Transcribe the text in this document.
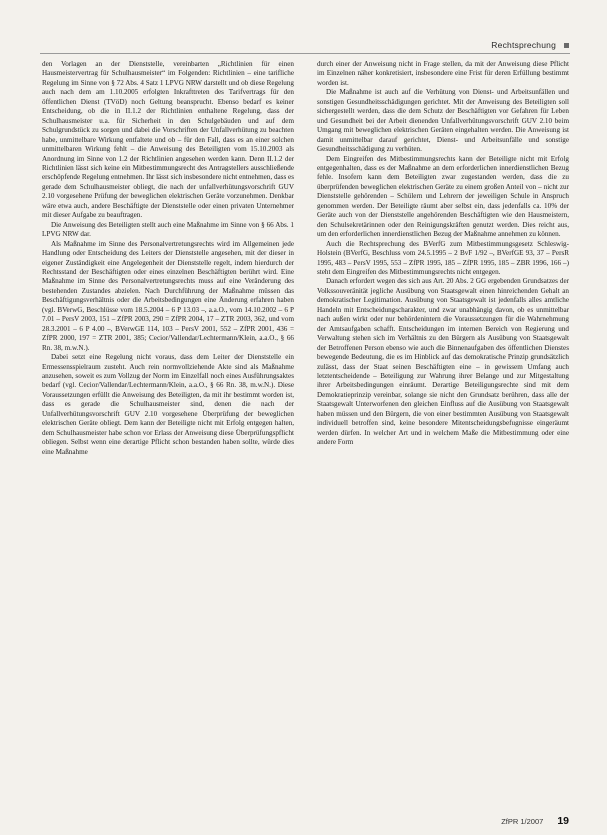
Rechtsprechung

den Vorlagen an der Dienststelle, vereinbarten „Richtlinien für einen Hausmeistervertrag für Schulhausmeister“ im Folgenden: Richtlinien – eine tarifliche Regelung im Sinne von § 72 Abs. 4 Satz 1 LPVG NRW darstellt und ob diese Regelung auch nach dem am 1.10.2005 erfolgten Inkrafttreten des Tarifvertrags für den öffentlichen Dienst (TVöD) noch Geltung beansprucht. Ebenso bedarf es keiner Entscheidung, ob die in II.1.2 der Richtlinien enthaltene Regelung, dass der Schulhausmeister u.a. für Sicherheit in den Schulgebäuden und auf dem Schulgrundstück zu sorgen und dabei die Vorschriften der Unfallverhütung zu beachten habe, unmittelbare Wirkung entfaltete und ob – für den Fall, dass es an einer solchen unmittelbaren Wirkung fehlt – die Anweisung des Beteiligten vom 15.10.2003 als Anordnung im Sinne von 1.2 der Richtlinien angesehen werden kann. Denn II.1.2 der Richtlinien lässt sich keine ein Mitbestimmungsrecht des Antragstellers ausschließende erschöpfende Regelung entnehmen. Ihr lässt sich insbesondere nicht entnehmen, dass es gerade dem Schulhausmeister obliegt, die nach der unfallverhütungsvorschrift GUV 2.10 vorgesehene Prüfung der beweglichen elektrischen Geräte vorzunehmen. Denkbar wäre etwa auch, andere Beschäftigte der Dienststelle oder einen privaten Unternehmer mit dieser Aufgabe zu beauftragen.

Die Anweisung des Beteiligten stellt auch eine Maßnahme im Sinne von § 66 Abs. 1 LPVG NRW dar.

Als Maßnahme im Sinne des Personalvertretungsrechts wird im Allgemeinen jede Handlung oder Entscheidung des Leiters der Dienststelle angesehen, mit der dieser in eigener Zuständigkeit eine Angelegenheit der Dienststelle regelt, indem hierdurch der Rechtsstand der Beschäftigten oder eines einzelnen Beschäftigten berührt wird. Eine Maßnahme im Sinne des Personalvertretungsrechts muss auf eine Veränderung des bestehenden Zustandes abzielen. Nach Durchführung der Maßnahme müssen das Beschäftigungsverhältnis oder die Arbeitsbedingungen eine Änderung erfahren haben (vgl. BVerwG, Beschlüsse vom 18.5.2004 – 6 P 13.03 –, a.a.O., vom 14.10.2002 – 6 P 7.01 – PersV 2003, 151 – ZfPR 2003, 290 = ZfPR 2004, 17 – ZTR 2003, 362, und vom 28.3.2001 – 6 P 4.00 –, BVerwGE 114, 103 – PersV 2001, 552 – ZfPR 2001, 436 = ZfPR 2000, 197 = ZTR 2001, 385; Cecior/Vallendar/Lechtermann/Klein, a.a.O., § 66 Rn. 38, m.w.N.).

Dabei setzt eine Regelung nicht voraus, dass dem Leiter der Dienststelle ein Ermessensspielraum zusteht. Auch rein normvollziehende Akte sind als Maßnahme anzusehen, soweit es zum Vollzug der Norm im Einzelfall noch eines Ausführungsaktes bedarf (vgl. Cecior/Vallendar/Lechtermann/Klein, a.a.O., § 66 Rn. 38, m.w.N.). Diese Voraussetzungen erfüllt die Anweisung des Beteiligten, da mit ihr bestimmt worden ist, dass es gerade die Schulhausmeister sind, denen die nach der Unfallverhütungsvorschrift GUV 2.10 vorgesehene Überprüfung der beweglichen elektrischen Geräte obliegt. Dem kann der Beteiligte nicht mit Erfolg entgegen halten, dem Schulhausmeister habe schon vor Erlass der Anweisung diese Überprüfungspflicht obliegen. Selbst wenn eine derartige Pflicht schon bestanden haben sollte, würde dies eine Maßnahme

durch einer der Anweisung nicht in Frage stellen, da mit der Anweisung diese Pflicht im Einzelnen näher konkretisiert, insbesondere eine Frist für deren Erfüllung bestimmt worden ist.

Die Maßnahme ist auch auf die Verhütung von Dienst- und Arbeitsunfällen und sonstigen Gesundheitsschädigungen gerichtet. Mit der Anweisung des Beteiligten soll sichergestellt werden, dass die dem Schutz der Beschäftigten vor Gefahren für Leben und Gesundheit bei der Arbeit dienenden Unfallverhütungsvorschrift GUV 2.10 beim Umgang mit beweglichen elektrischen Geräten eingehalten werden. Die Anweisung ist damit unmittelbar darauf gerichtet, Dienst- und Arbeitsunfälle und sonstige Gesundheitsschädigung zu verhüten.

Dem Eingreifen des Mitbestimmungsrechts kann der Beteiligte nicht mit Erfolg entgegenhalten, dass es der Maßnahme an dem erforderlichen innerdienstlichen Bezug fehle. Insofern kann dem Beteiligten zwar zugestanden werden, dass die zu überprüfenden beweglichen elektrischen Geräte zu einem großen Anteil von – nicht zur Dienststelle gehörenden – Schülern und Lehrern der jeweiligen Schule in Anspruch genommen werden. Der Beteiligte räumt aber selbst ein, dass jedenfalls ca. 10% der Geräte auch von der Dienststelle angehörenden Beschäftigten wie den Hausmeistern, den Schulsekretärinnen oder den Reinigungskräften genutzt werden. Dies reicht aus, um den erforderlichen innerdienstlichen Bezug der Maßnahme annehmen zu können.

Auch die Rechtsprechung des BVerfG zum Mitbestimmungsgesetz Schleswig-Holstein (BVerfG, Beschluss vom 24.5.1995 – 2 BvF 1/92 –, BVerfGE 93, 37 – PersR 1995, 483 – PersV 1995, 553 – ZfPR 1995, 185 – ZfPR 1995, 185 – ZBR 1996, 166 –) steht dem Eingreifen des Mitbestimmungsrechts nicht entgegen.

Danach erfordert wegen des sich aus Art. 20 Abs. 2 GG ergebenden Grundsatzes der Volkssouveränität jegliche Ausübung von Staatsgewalt einen hinreichenden Gehalt an demokratischer Legitimation. Ausübung von Staatsgewalt ist jedenfalls alles amtliche Handeln mit Entscheidungscharakter, und zwar unabhängig davon, ob es unmittelbar nach außen wirkt oder nur behördenintern die Voraussetzungen für die Wahrnehmung der Amtsaufgaben schafft. Entscheidungen im internen Bereich von Regierung und Verwaltung stehen sich im Verhältnis zu den Bürgern als Ausübung von Staatsgewalt der Betroffenen Person ebenso wie auch die Binnenaufgaben des öffentlichen Dienstes bewegende Bedeutung, die es im Hinblick auf das demokratische Prinzip grundsätzlich zulässt, dass der Staat seinen Beschäftigten eine – in gewissem Umfang auch letztentscheidende – Beteiligung zur Wahrung ihrer Belange und zur Mitgestaltung ihrer Arbeitsbedingungen einräumt. Derartige Beteiligungsrechte sind mit dem Demokratieprinzip vereinbar, solange sie nicht den Grundsatz berühren, dass alle der Staatsgewalt Unterworfenen den gleichen Einfluss auf die Ausübung von Staatsgewalt haben müssen und den Bürgern, die von einer bestimmten Ausübung von Staatsgewalt individuell betroffen sind, keine besondere Mitentscheidungsbefugnisse eingeräumt werden dürfen. In welcher Art und in welchem Maße die Mitbestimmung oder eine andere Form

ZfPR 1/2007 19
